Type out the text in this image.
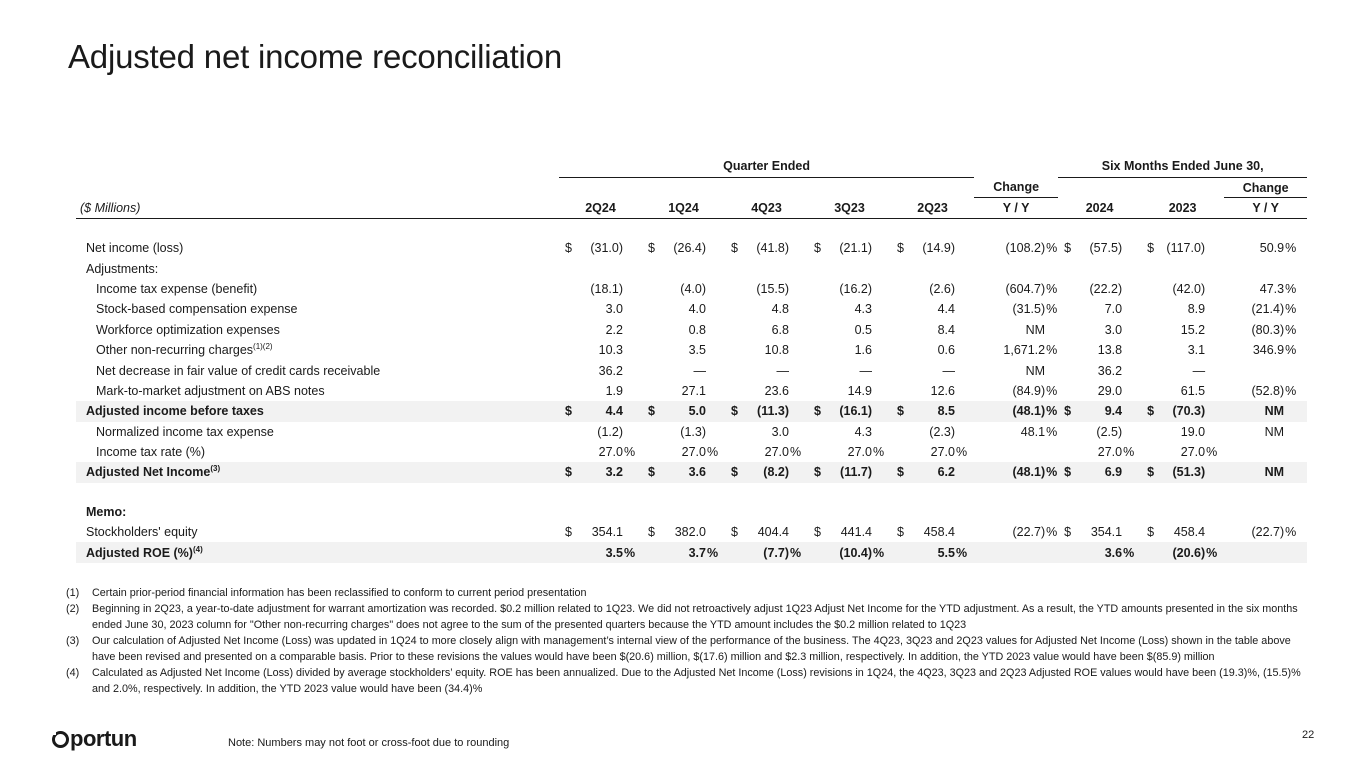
Adjusted net income reconciliation
	Quarter Ended																		Six Months Ended June 30,								
																Change									Change		
($ Millions)	2Q24			1Q24			4Q23			3Q23			2Q23			Y / Y			2024			2023			Y / Y		

Net income (loss)	$	(31.0)		$	(26.4)		$	(41.8)		$	(21.1)		$	(14.9)			(108.2)	%	$	(57.5)		$	(117.0)			50.9	%
Adjustments:																											
Income tax expense (benefit)		(18.1)			(4.0)			(15.5)			(16.2)			(2.6)			(604.7)	%		(22.2)			(42.0)			47.3	%
Stock-based compensation expense		3.0			4.0			4.8			4.3			4.4			(31.5)	%		7.0			8.9			(21.4)	%
Workforce optimization expenses		2.2			0.8			6.8			0.5			8.4			NM			3.0			15.2			(80.3)	%
Other non-recurring charges$^{(1)(2)}$		10.3			3.5			10.8			1.6			0.6			1,671.2	%		13.8			3.1			346.9	%
Net decrease in fair value of credit cards receivable		36.2			—			—			—			—			NM			36.2			—				
Mark-to-market adjustment on ABS notes		1.9			27.1			23.6			14.9			12.6			(84.9)	%		29.0			61.5			(52.8)	%
Adjusted income before taxes	$	4.4		$	5.0		$	(11.3)		$	(16.1)		$	8.5			(48.1)	%	$	9.4		$	(70.3)			NM	
Normalized income tax expense		(1.2)			(1.3)			3.0			4.3			(2.3)			48.1	%		(2.5)			19.0			NM	
Income tax rate (%)		27.0	%		27.0	%		27.0	%		27.0	%		27.0	%					27.0	%		27.0	%			
Adjusted Net Income$^{(3)}$	$	3.2		$	3.6		$	(8.2)		$	(11.7)		$	6.2			(48.1)	%	$	6.9		$	(51.3)			NM	

Memo:																											
Stockholders' equity	$	354.1		$	382.0		$	404.4		$	441.4		$	458.4			(22.7)	%	$	354.1		$	458.4			(22.7)	%
Adjusted ROE (%)$^{(4)}$		3.5	%		3.7	%		(7.7)	%		(10.4)	%		5.5	%					3.6	%		(20.6)	%			
(1)	Certain prior-period financial information has been reclassified to conform to current period presentation
(2)	Beginning in 2Q23, a year-to-date adjustment for warrant amortization was recorded. $0.2 million related to 1Q23. We did not retroactively adjust 1Q23 Adjust Net Income for the YTD adjustment. As a result, the YTD amounts presented in the six months ended June 30, 2023 column for "Other non-recurring charges" does not agree to the sum of the presented quarters because the YTD amount includes the $0.2 million related to 1Q23
(3)	Our calculation of Adjusted Net Income (Loss) was updated in 1Q24 to more closely align with management’s internal view of the performance of the business. The 4Q23, 3Q23 and 2Q23 values for Adjusted Net Income (Loss) shown in the table above have been revised and presented on a comparable basis. Prior to these revisions the values would have been $(20.6) million, $(17.6) million and $2.3 million, respectively. In addition, the YTD 2023 value would have been $(85.9) million
(4)	Calculated as Adjusted Net Income (Loss) divided by average stockholders’ equity. ROE has been annualized. Due to the Adjusted Net Income (Loss) revisions in 1Q24, the 4Q23, 3Q23 and 2Q23 Adjusted ROE values would have been (19.3)%, (15.5)% and 2.0%, respectively. In addition, the YTD 2023 value would have been (34.4)%
portun	Note: Numbers may not foot or cross-foot due to rounding
22
